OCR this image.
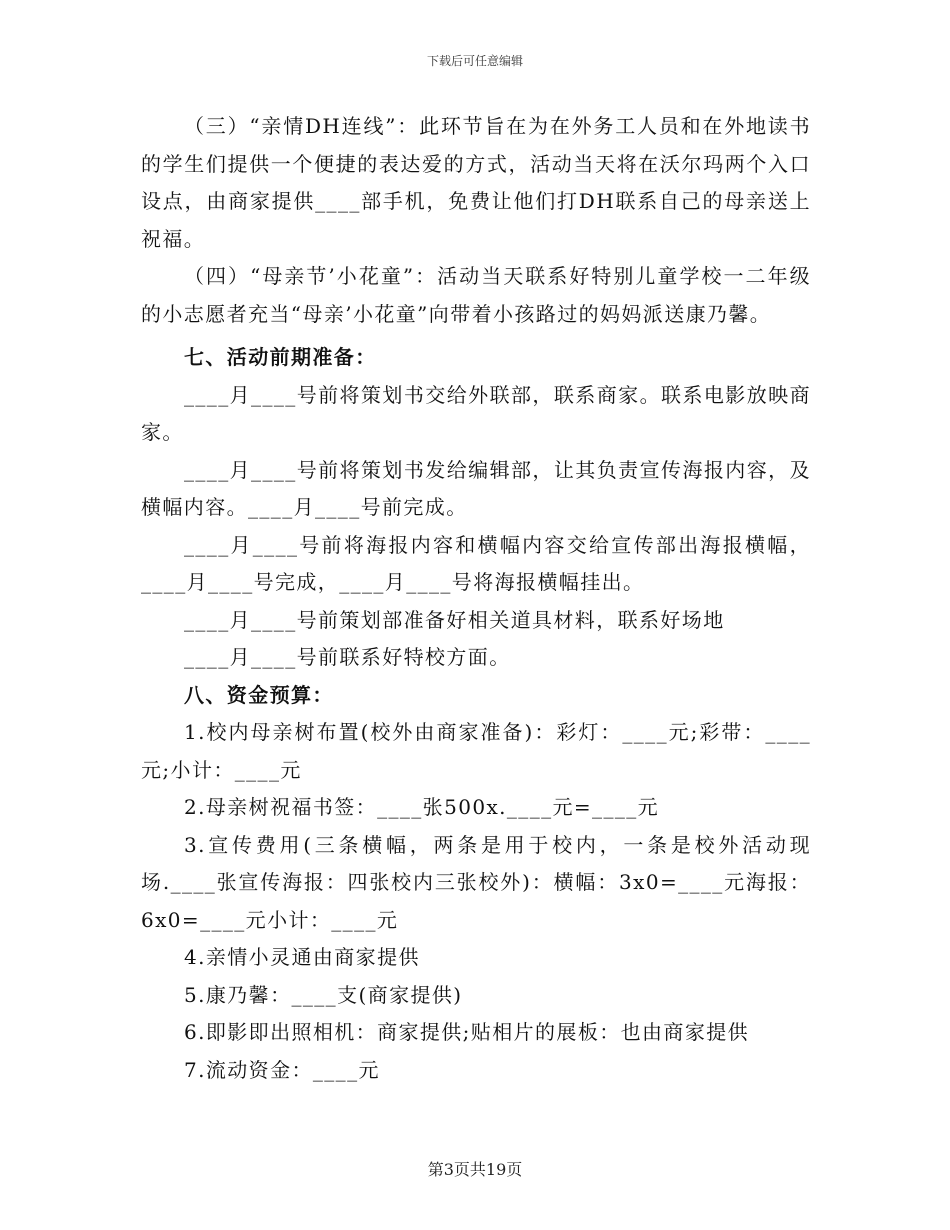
下载后可任意编辑

（三）“亲情DH连线”：此环节旨在为在外务工人员和在外地读书的学生们提供一个便捷的表达爱的方式，活动当天将在沃尔玛两个入口设点，由商家提供____部手机，免费让他们打DH联系自己的母亲送上祝福。

（四）“母亲节’小花童”：活动当天联系好特别儿童学校一二年级的小志愿者充当“母亲’小花童”向带着小孩路过的妈妈派送康乃馨。

七、活动前期准备：

____月____号前将策划书交给外联部，联系商家。联系电影放映商家。

____月____号前将策划书发给编辑部，让其负责宣传海报内容，及横幅内容。____月____号前完成。

____月____号前将海报内容和横幅内容交给宣传部出海报横幅，____月____号完成，____月____号将海报横幅挂出。

____月____号前策划部准备好相关道具材料，联系好场地

____月____号前联系好特校方面。

八、资金预算：

1.校内母亲树布置(校外由商家准备)：彩灯：____元;彩带：____元;小计：____元

2.母亲树祝福书签：____张500x.____元=____元

3.宣传费用(三条横幅，两条是用于校内，一条是校外活动现场.____张宣传海报：四张校内三张校外)：横幅：3x0=____元海报：6x0=____元小计：____元

4.亲情小灵通由商家提供

5.康乃馨：____支(商家提供)

6.即影即出照相机：商家提供;贴相片的展板：也由商家提供

7.流动资金：____元

第3页共19页
